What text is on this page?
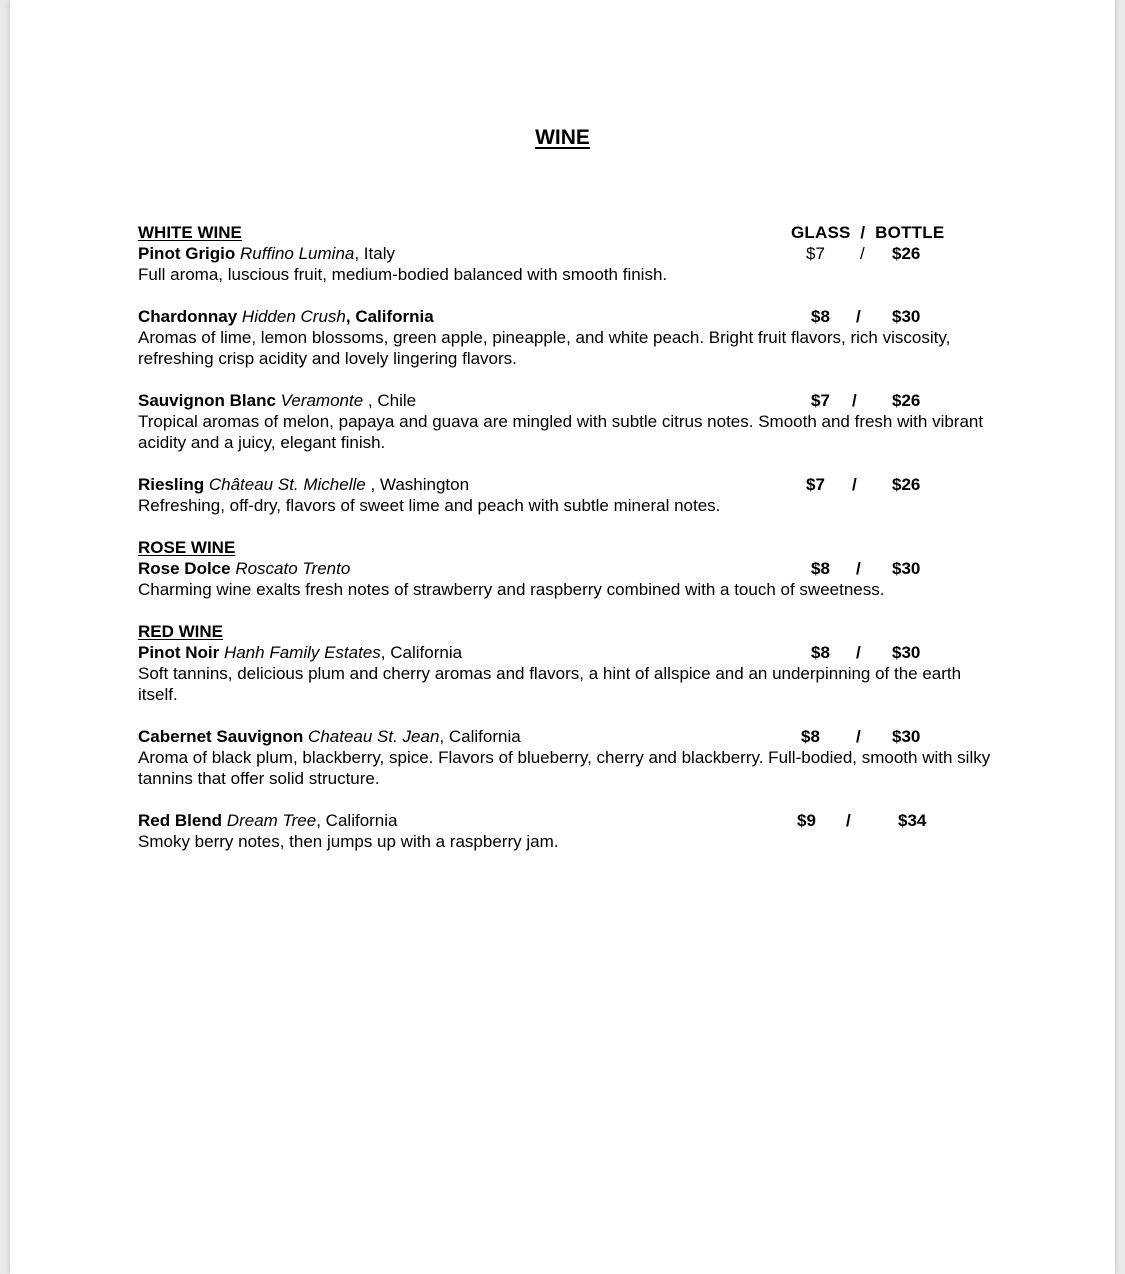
WINE
WHITE WINE	GLASS  /  BOTTLE
Pinot Grigio Ruffino Lumina, Italy	$7 / $26
Full aroma, luscious fruit, medium-bodied balanced with smooth finish.
Chardonnay Hidden Crush, California	$8 / $30
Aromas of lime, lemon blossoms, green apple, pineapple, and white peach. Bright fruit flavors, rich viscosity, refreshing crisp acidity and lovely lingering flavors.
Sauvignon Blanc Veramonte , Chile	$7 / $26
Tropical aromas of melon, papaya and guava are mingled with subtle citrus notes. Smooth and fresh with vibrant acidity and a juicy, elegant finish.
Riesling Château St. Michelle , Washington	$7 / $26
Refreshing, off-dry, flavors of sweet lime and peach with subtle mineral notes.
ROSE WINE
Rose Dolce Roscato Trento	$8 / $30
Charming wine exalts fresh notes of strawberry and raspberry combined with a touch of sweetness.
RED WINE
Pinot Noir Hanh Family Estates, California	$8 / $30
Soft tannins, delicious plum and cherry aromas and flavors, a hint of allspice and an underpinning of the earth itself.
Cabernet Sauvignon Chateau St. Jean, California	$8 / $30
Aroma of black plum, blackberry, spice. Flavors of blueberry, cherry and blackberry. Full-bodied, smooth with silky tannins that offer solid structure.
Red Blend Dream Tree, California	$9 /	$34
Smoky berry notes, then jumps up with a raspberry jam.
